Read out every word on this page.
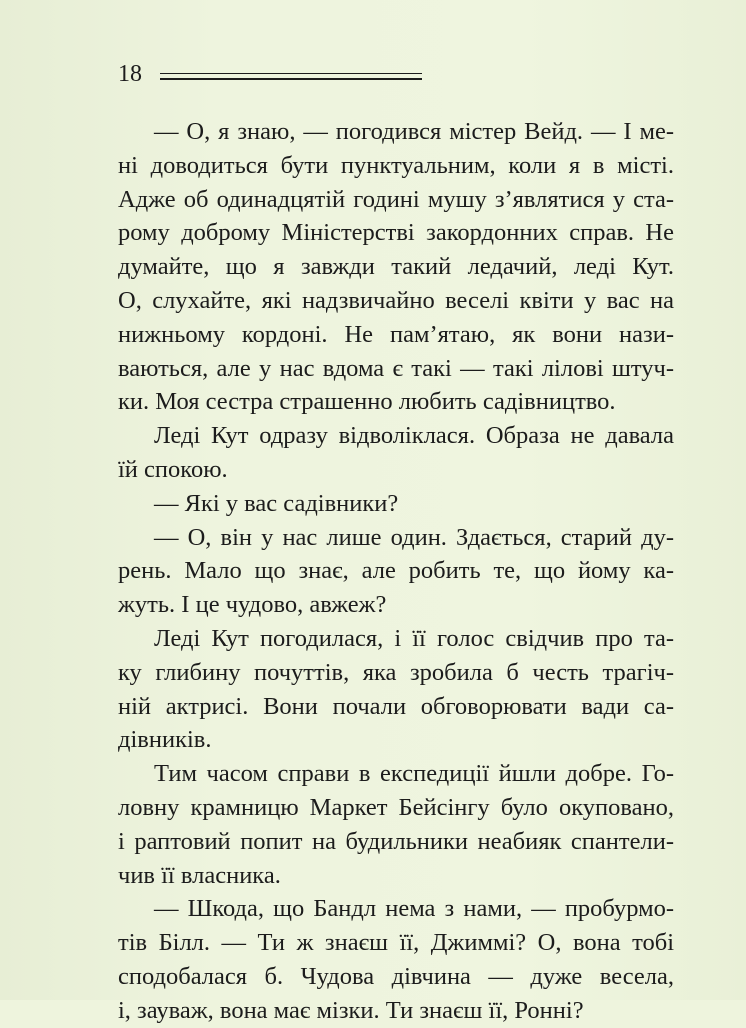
18

— О, я знаю, — погодився містер Вейд. — І ме-
ні доводиться бути пунктуальним, коли я в місті.
Адже об одинадцятій годині мушу з’являтися у ста-
рому доброму Міністерстві закордонних справ. Не
думайте, що я завжди такий ледачий, леді Кут.
О, слухайте, які надзвичайно веселі квіти у вас на
нижньому кордоні. Не пам’ятаю, як вони нази-
ваються, але у нас вдома є такі — такі лілові штуч-
ки. Моя сестра страшенно любить садівництво.

Леді Кут одразу відволіклася. Образа не давала
їй спокою.

— Які у вас садівники?

— О, він у нас лише один. Здається, старий ду-
рень. Мало що знає, але робить те, що йому ка-
жуть. І це чудово, авжеж?

Леді Кут погодилася, і її голос свідчив про та-
ку глибину почуттів, яка зробила б честь трагіч-
ній актрисі. Вони почали обговорювати вади са-
дівників.

Тим часом справи в експедиції йшли добре. Го-
ловну крамницю Маркет Бейсінгу було окуповано,
і раптовий попит на будильники неабияк спантели-
чив її власника.

— Шкода, що Бандл нема з нами, — пробурмо-
тів Білл. — Ти ж знаєш її, Джиммі? О, вона тобі
сподобалася б. Чудова дівчина — дуже весела,
і, зауваж, вона має мізки. Ти знаєш її, Ронні?
